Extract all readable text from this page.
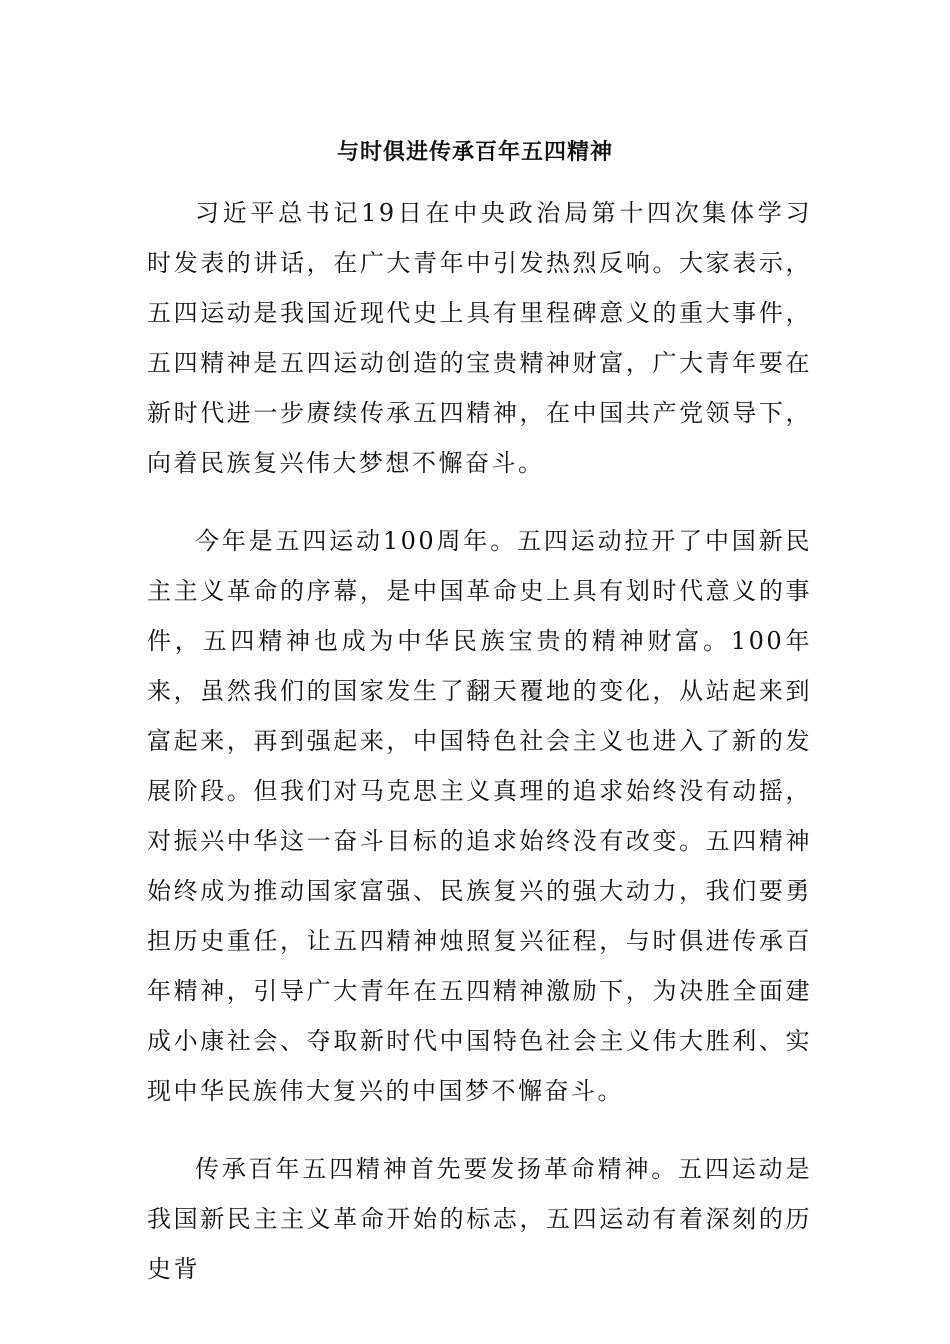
与时俱进传承百年五四精神

习近平总书记19日在中央政治局第十四次集体学习时发表的讲话，在广大青年中引发热烈反响。大家表示，五四运动是我国近现代史上具有里程碑意义的重大事件，五四精神是五四运动创造的宝贵精神财富，广大青年要在新时代进一步赓续传承五四精神，在中国共产党领导下，向着民族复兴伟大梦想不懈奋斗。

今年是五四运动100周年。五四运动拉开了中国新民主主义革命的序幕，是中国革命史上具有划时代意义的事件，五四精神也成为中华民族宝贵的精神财富。100年来，虽然我们的国家发生了翻天覆地的变化，从站起来到富起来，再到强起来，中国特色社会主义也进入了新的发展阶段。但我们对马克思主义真理的追求始终没有动摇，对振兴中华这一奋斗目标的追求始终没有改变。五四精神始终成为推动国家富强、民族复兴的强大动力，我们要勇担历史重任，让五四精神烛照复兴征程，与时俱进传承百年精神，引导广大青年在五四精神激励下，为决胜全面建成小康社会、夺取新时代中国特色社会主义伟大胜利、实现中华民族伟大复兴的中国梦不懈奋斗。

传承百年五四精神首先要发扬革命精神。五四运动是我国新民主主义革命开始的标志，五四运动有着深刻的历史背
